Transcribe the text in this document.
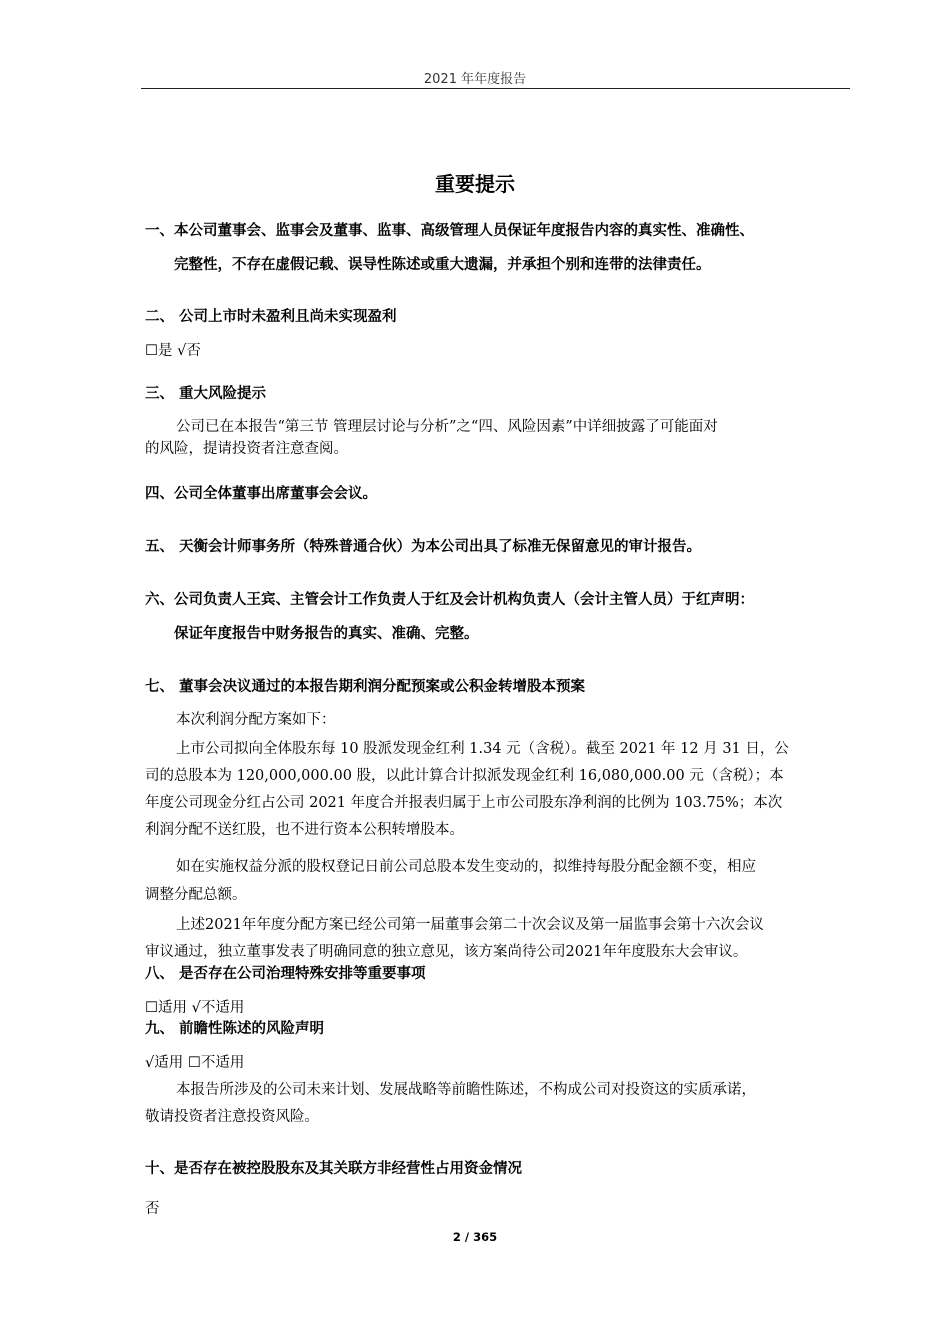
2021 年年度报告
重要提示
一、本公司董事会、监事会及董事、监事、高级管理人员保证年度报告内容的真实性、准确性、
完整性，不存在虚假记载、误导性陈述或重大遗漏，并承担个别和连带的法律责任。
二、 公司上市时未盈利且尚未实现盈利
☐是 √否
三、 重大风险提示
公司已在本报告“第三节 管理层讨论与分析”之“四、风险因素”中详细披露了可能面对
的风险，提请投资者注意查阅。
四、公司全体董事出席董事会会议。
五、 天衡会计师事务所（特殊普通合伙）为本公司出具了标准无保留意见的审计报告。
六、公司负责人王宾、主管会计工作负责人于红及会计机构负责人（会计主管人员）于红声明：
保证年度报告中财务报告的真实、准确、完整。
七、 董事会决议通过的本报告期利润分配预案或公积金转增股本预案
本次利润分配方案如下：
上市公司拟向全体股东每 10 股派发现金红利 1.34 元（含税）。截至 2021 年 12 月 31 日，公
司的总股本为 120,000,000.00 股，以此计算合计拟派发现金红利 16,080,000.00 元（含税）；本
年度公司现金分红占公司 2021 年度合并报表归属于上市公司股东净利润的比例为 103.75%；本次
利润分配不送红股，也不进行资本公积转增股本。
如在实施权益分派的股权登记日前公司总股本发生变动的，拟维持每股分配金额不变，相应
调整分配总额。
上述2021年年度分配方案已经公司第一届董事会第二十次会议及第一届监事会第十六次会议
审议通过，独立董事发表了明确同意的独立意见，该方案尚待公司2021年年度股东大会审议。
八、 是否存在公司治理特殊安排等重要事项
☐适用 √不适用
九、 前瞻性陈述的风险声明
√适用 ☐不适用
本报告所涉及的公司未来计划、发展战略等前瞻性陈述，不构成公司对投资这的实质承诺，
敬请投资者注意投资风险。
十、是否存在被控股股东及其关联方非经营性占用资金情况
否
2 / 365
